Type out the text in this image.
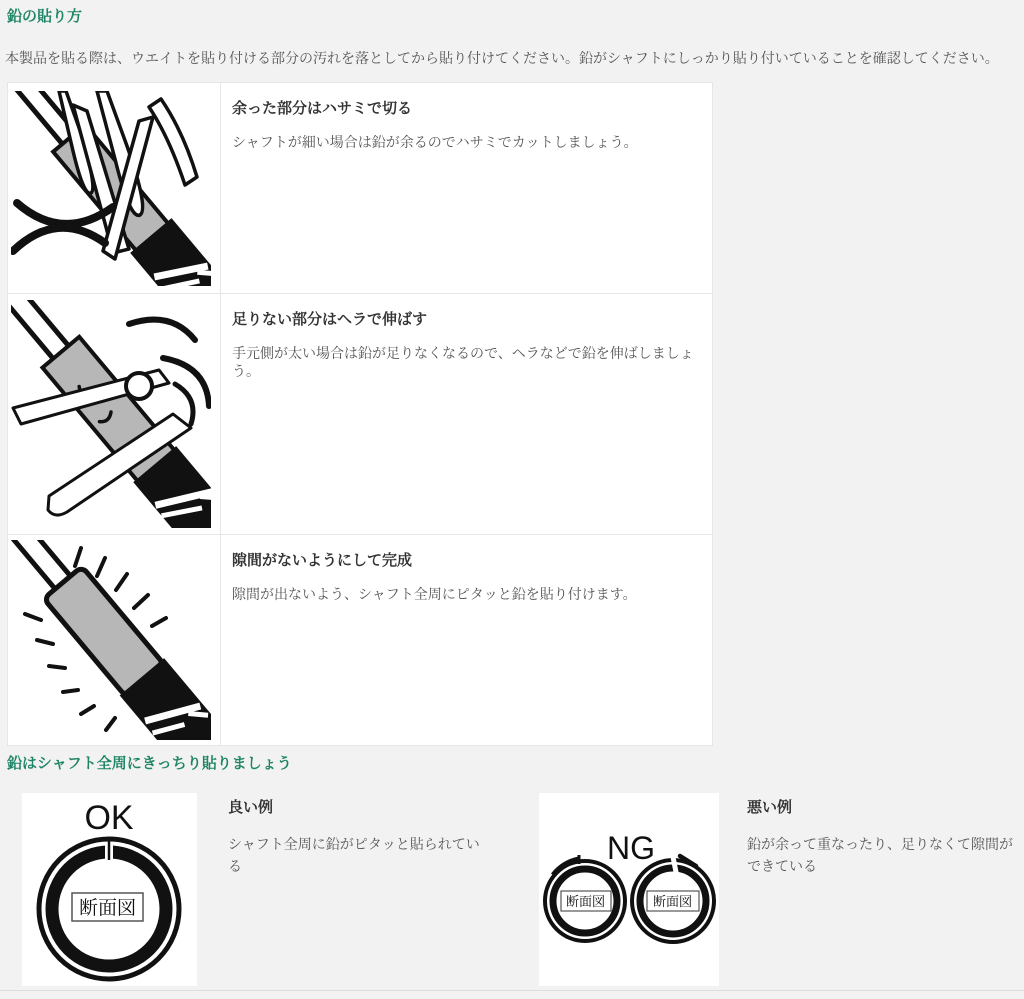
鉛の貼り方

本製品を貼る際は、ウエイトを貼り付ける部分の汚れを落としてから貼り付けてください。鉛がシャフトにしっかり貼り付いていることを確認してください。

余った部分はハサミで切る

シャフトが細い場合は鉛が余るのでハサミでカットしましょう。

足りない部分はヘラで伸ばす

手元側が太い場合は鉛が足りなくなるので、ヘラなどで鉛を伸ばしましょう。

隙間がないようにして完成

隙間が出ないよう、シャフト全周にピタッと鉛を貼り付けます。

鉛はシャフト全周にきっちり貼りましょう
OK
断面図
良い例

シャフト全周に鉛がピタッと貼られている

NG
断面図	断面図
悪い例

鉛が余って重なったり、足りなくて隙間ができている
